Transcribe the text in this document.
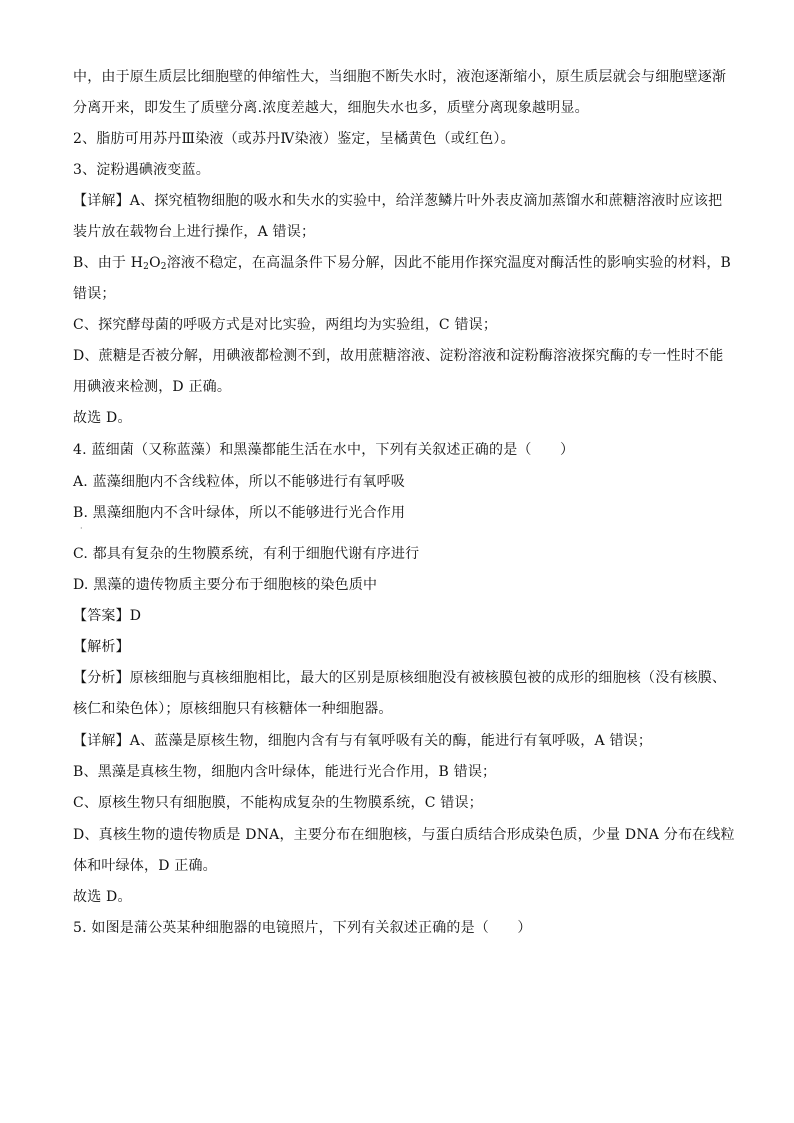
中，由于原生质层比细胞壁的伸缩性大，当细胞不断失水时，液泡逐渐缩小，原生质层就会与细胞壁逐渐
分离开来，即发生了质壁分离.浓度差越大，细胞失水也多，质壁分离现象越明显。
2、脂肪可用苏丹Ⅲ染液（或苏丹Ⅳ染液）鉴定，呈橘黄色（或红色）。
3、淀粉遇碘液变蓝。
【详解】A、探究植物细胞的吸水和失水的实验中，给洋葱鳞片叶外表皮滴加蒸馏水和蔗糖溶液时应该把
装片放在载物台上进行操作，A 错误；
B、由于 $H_2O_2$溶液不稳定，在高温条件下易分解，因此不能用作探究温度对酶活性的影响实验的材料，B
错误；
C、探究酵母菌的呼吸方式是对比实验，两组均为实验组，C 错误；
D、蔗糖是否被分解，用碘液都检测不到，故用蔗糖溶液、淀粉溶液和淀粉酶溶液探究酶的专一性时不能
用碘液来检测，D 正确。
故选 D。
4. 蓝细菌（又称蓝藻）和黑藻都能生活在水中，下列有关叙述正确的是（　　）
A. 蓝藻细胞内不含线粒体，所以不能够进行有氧呼吸
B. 黑藻细胞内不含叶绿体，所以不能够进行光合作用
·
C. 都具有复杂的生物膜系统，有利于细胞代谢有序进行
D. 黑藻的遗传物质主要分布于细胞核的染色质中
【答案】D
【解析】
【分析】原核细胞与真核细胞相比，最大的区别是原核细胞没有被核膜包被的成形的细胞核（没有核膜、
核仁和染色体）；原核细胞只有核糖体一种细胞器。
【详解】A、蓝藻是原核生物，细胞内含有与有氧呼吸有关的酶，能进行有氧呼吸，A 错误；
B、黑藻是真核生物，细胞内含叶绿体，能进行光合作用，B 错误；
C、原核生物只有细胞膜，不能构成复杂的生物膜系统，C 错误；
D、真核生物的遗传物质是 DNA，主要分布在细胞核，与蛋白质结合形成染色质，少量 DNA 分布在线粒
体和叶绿体，D 正确。
故选 D。
5. 如图是蒲公英某种细胞器的电镜照片，下列有关叙述正确的是（　　）
